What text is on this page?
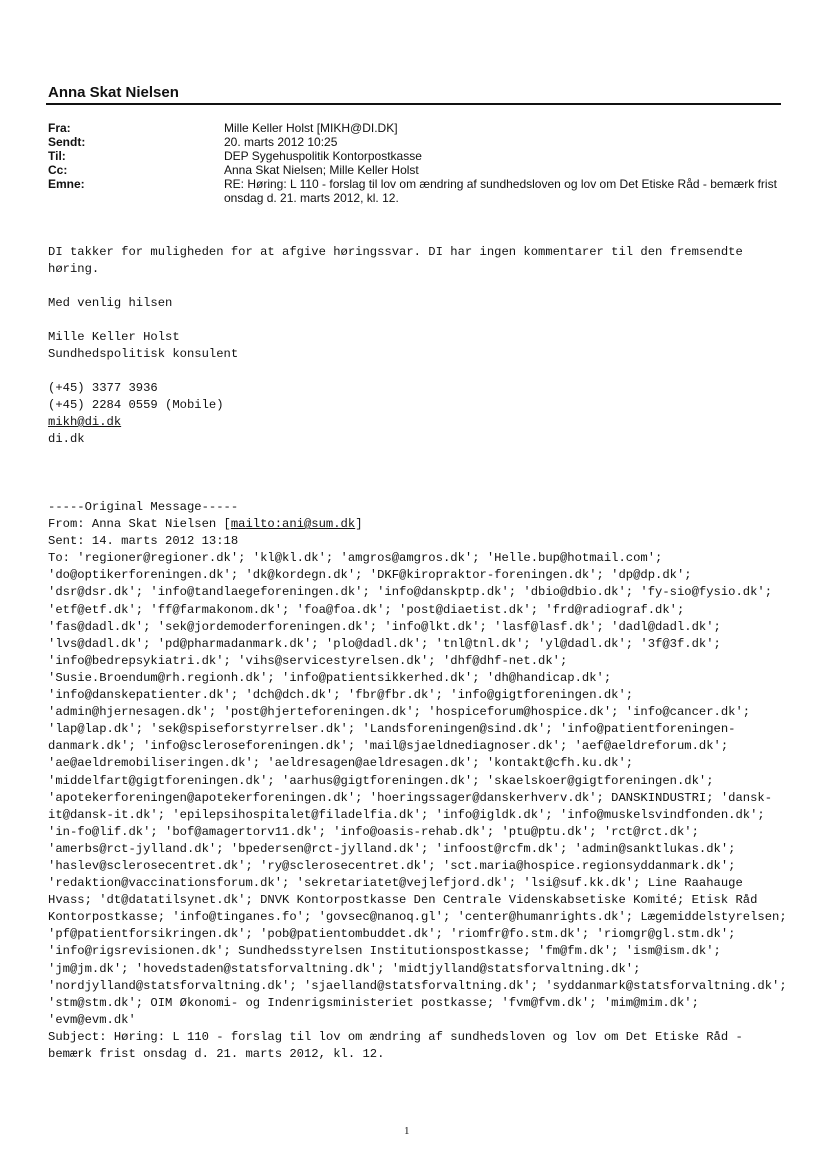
Anna Skat Nielsen
Fra:	Mille Keller Holst [MIKH@DI.DK]
Sendt:	20. marts 2012 10:25
Til:	DEP Sygehuspolitik Kontorpostkasse
Cc:	Anna Skat Nielsen; Mille Keller Holst
Emne:	RE: Høring: L 110 - forslag til lov om ændring af sundhedsloven og lov om Det Etiske Råd - bemærk frist onsdag d. 21. marts 2012, kl. 12.

DI takker for muligheden for at afgive høringssvar. DI har ingen kommentarer til den fremsendte høring.

Med venlig hilsen

Mille Keller Holst

Sundhedspolitisk konsulent

(+45) 3377 3936

(+45) 2284 0559 (Mobile)

mikh@di.dk

di.dk

-----Original Message-----

From: Anna Skat Nielsen [mailto:ani@sum.dk]

Sent: 14. marts 2012 13:18

To: 'regioner@regioner.dk'; 'kl@kl.dk'; 'amgros@amgros.dk'; 'Helle.bup@hotmail.com'; 'do@optikerforeningen.dk'; 'dk@kordegn.dk'; 'DKF@kiropraktor-foreningen.dk'; 'dp@dp.dk'; 'dsr@dsr.dk'; 'info@tandlaegeforeningen.dk'; 'info@danskptp.dk'; 'dbio@dbio.dk'; 'fy-sio@fysio.dk'; 'etf@etf.dk'; 'ff@farmakonom.dk'; 'foa@foa.dk'; 'post@diaetist.dk'; 'frd@radiograf.dk'; 'fas@dadl.dk'; 'sek@jordemoderforeningen.dk'; 'info@lkt.dk'; 'lasf@lasf.dk'; 'dadl@dadl.dk'; 'lvs@dadl.dk'; 'pd@pharmadanmark.dk'; 'plo@dadl.dk'; 'tnl@tnl.dk'; 'yl@dadl.dk'; '3f@3f.dk'; 'info@bedrepsykiatri.dk'; 'vihs@servicestyrelsen.dk'; 'dhf@dhf-net.dk'; 'Susie.Broendum@rh.regionh.dk'; 'info@patientsikkerhed.dk'; 'dh@handicap.dk'; 'info@danskepatienter.dk'; 'dch@dch.dk'; 'fbr@fbr.dk'; 'info@gigtforeningen.dk'; 'admin@hjernesagen.dk'; 'post@hjerteforeningen.dk'; 'hospiceforum@hospice.dk'; 'info@cancer.dk'; 'lap@lap.dk'; 'sek@spiseforstyrrelser.dk'; 'Landsforeningen@sind.dk'; 'info@patientforeningen-danmark.dk'; 'info@scleroseforeningen.dk'; 'mail@sjaeldnediagnoser.dk'; 'aef@aeldreforum.dk'; 'ae@aeldremobiliseringen.dk'; 'aeldresagen@aeldresagen.dk'; 'kontakt@cfh.ku.dk'; 'middelfart@gigtforeningen.dk'; 'aarhus@gigtforeningen.dk'; 'skaelskoer@gigtforeningen.dk'; 'apotekerforeningen@apotekerforeningen.dk'; 'hoeringssager@danskerhverv.dk'; DANSKINDUSTRI; 'dansk-it@dansk-it.dk'; 'epilepsihospitalet@filadelfia.dk'; 'info@igldk.dk'; 'info@muskelsvindfonden.dk'; 'in-fo@lif.dk'; 'bof@amagertorv11.dk'; 'info@oasis-rehab.dk'; 'ptu@ptu.dk'; 'rct@rct.dk'; 'amerbs@rct-jylland.dk'; 'bpedersen@rct-jylland.dk'; 'infoost@rcfm.dk'; 'admin@sanktlukas.dk'; 'haslev@sclerosecentret.dk'; 'ry@sclerosecentret.dk'; 'sct.maria@hospice.regionsyddanmark.dk'; 'redaktion@vaccinationsforum.dk'; 'sekretariatet@vejlefjord.dk'; 'lsi@suf.kk.dk'; Line Raahauge Hvass; 'dt@datatilsynet.dk'; DNVK Kontorpostkasse Den Centrale Videnskabsetiske Komité; Etisk Råd Kontorpostkasse; 'info@tinganes.fo'; 'govsec@nanoq.gl'; 'center@humanrights.dk'; Lægemiddelstyrelsen; 'pf@patientforsikringen.dk'; 'pob@patientombuddet.dk'; 'riomfr@fo.stm.dk'; 'riomgr@gl.stm.dk'; 'info@rigsrevisionen.dk'; Sundhedsstyrelsen Institutionspostkasse; 'fm@fm.dk'; 'ism@ism.dk'; 'jm@jm.dk'; 'hovedstaden@statsforvaltning.dk'; 'midtjylland@statsforvaltning.dk'; 'nordjylland@statsforvaltning.dk'; 'sjaelland@statsforvaltning.dk'; 'syddanmark@statsforvaltning.dk'; 'stm@stm.dk'; OIM Økonomi- og Indenrigsministeriet postkasse; 'fvm@fvm.dk'; 'mim@mim.dk'; 'evm@evm.dk'

Subject: Høring: L 110 - forslag til lov om ændring af sundhedsloven og lov om Det Etiske Råd - bemærk frist onsdag d. 21. marts 2012, kl. 12.

1
